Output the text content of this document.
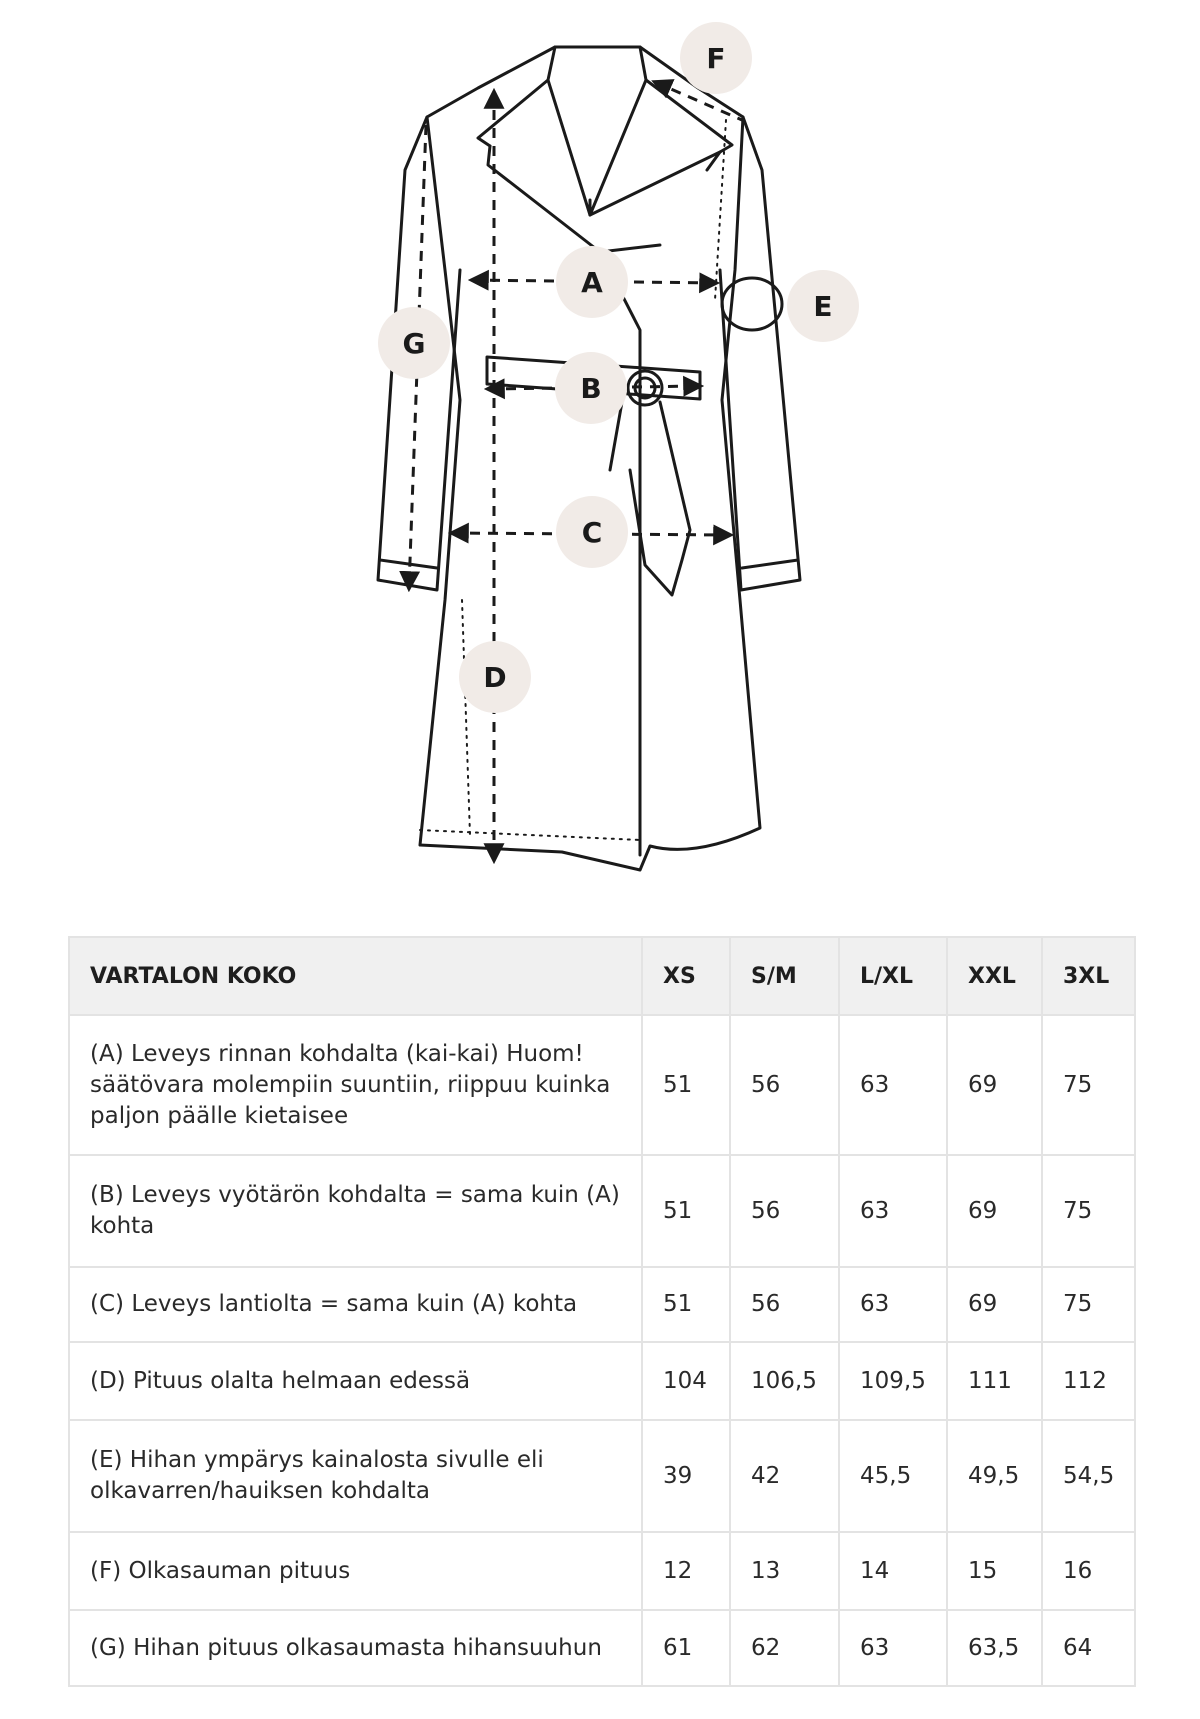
A
B
C
D
E
F
G
VARTALON KOKO	XS	S/M	L/XL	XXL	3XL
(A) Leveys rinnan kohdalta (kai-kai) Huom! säätövara molempiin suuntiin, riippuu kuinka paljon päälle kietaisee	51	56	63	69	75
(B) Leveys vyötärön kohdalta = sama kuin (A) kohta	51	56	63	69	75
(C) Leveys lantiolta = sama kuin (A) kohta	51	56	63	69	75
(D) Pituus olalta helmaan edessä	104	106,5	109,5	111	112
(E) Hihan ympärys kainalosta sivulle eli olkavarren/hauiksen kohdalta	39	42	45,5	49,5	54,5
(F) Olkasauman pituus	12	13	14	15	16
(G) Hihan pituus olkasaumasta hihansuuhun	61	62	63	63,5	64
